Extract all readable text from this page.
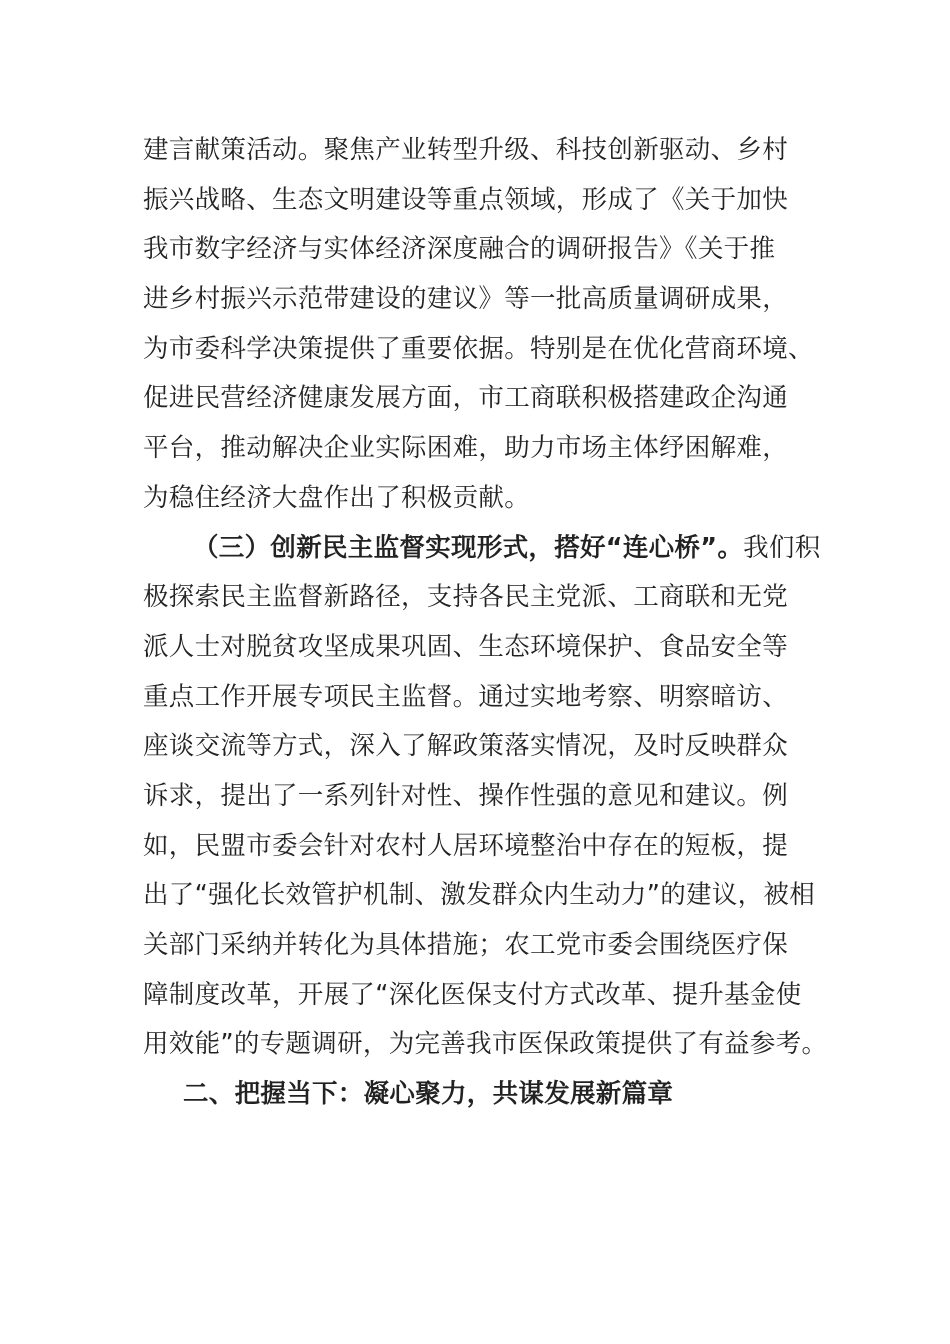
建言献策活动。聚焦产业转型升级、科技创新驱动、乡村
振兴战略、生态文明建设等重点领域，形成了《关于加快
我市数字经济与实体经济深度融合的调研报告》《关于推
进乡村振兴示范带建设的建议》等一批高质量调研成果，
为市委科学决策提供了重要依据。特别是在优化营商环境、
促进民营经济健康发展方面，市工商联积极搭建政企沟通
平台，推动解决企业实际困难，助力市场主体纾困解难，
为稳住经济大盘作出了积极贡献。
（三）创新民主监督实现形式，搭好“连心桥”。我们积
极探索民主监督新路径，支持各民主党派、工商联和无党
派人士对脱贫攻坚成果巩固、生态环境保护、食品安全等
重点工作开展专项民主监督。通过实地考察、明察暗访、
座谈交流等方式，深入了解政策落实情况，及时反映群众
诉求，提出了一系列针对性、操作性强的意见和建议。例
如，民盟市委会针对农村人居环境整治中存在的短板，提
出了“强化长效管护机制、激发群众内生动力”的建议，被相
关部门采纳并转化为具体措施；农工党市委会围绕医疗保
障制度改革，开展了“深化医保支付方式改革、提升基金使
用效能”的专题调研，为完善我市医保政策提供了有益参考。
二、把握当下：凝心聚力，共谋发展新篇章
